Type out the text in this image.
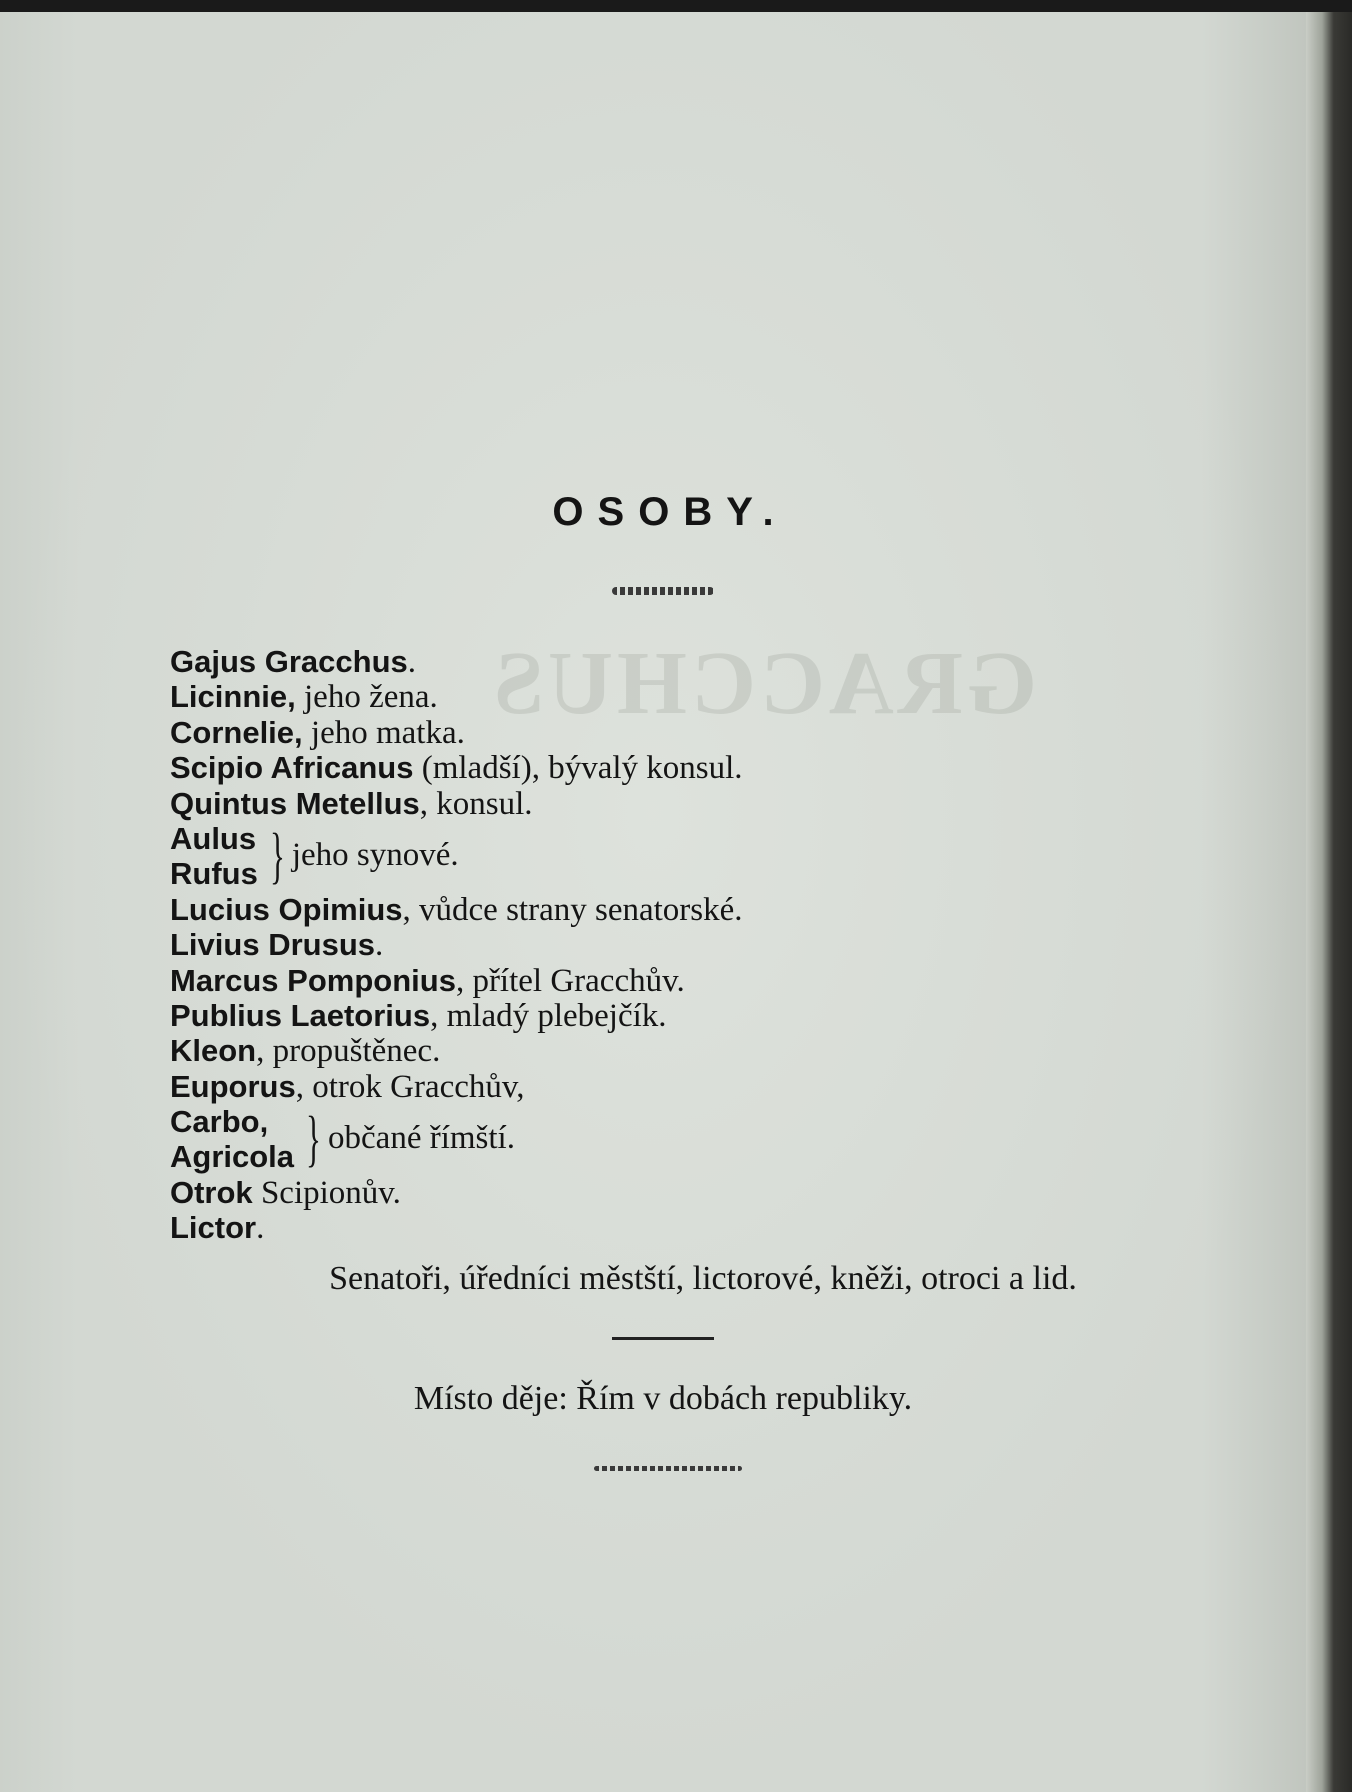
GRACCHUS
OSOBY.
Gajus Gracchus.
Licinnie, jeho žena.
Cornelie, jeho matka.
Scipio Africanus (mladší), bývalý konsul.
Quintus Metellus, konsul.
Aulus
Rufus } jeho synové.
Lucius Opimius, vůdce strany senatorské.
Livius Drusus.
Marcus Pomponius, přítel Gracchův.
Publius Laetorius, mladý plebejčík.
Kleon, propuštěnec.
Euporus, otrok Gracchův,
Carbo,
Agricola } občané římští.
Otrok Scipionův.
Lictor.
Senatoři, úředníci městští, lictorové, kněži, otroci a lid.
Místo děje: Řím v dobách republiky.
